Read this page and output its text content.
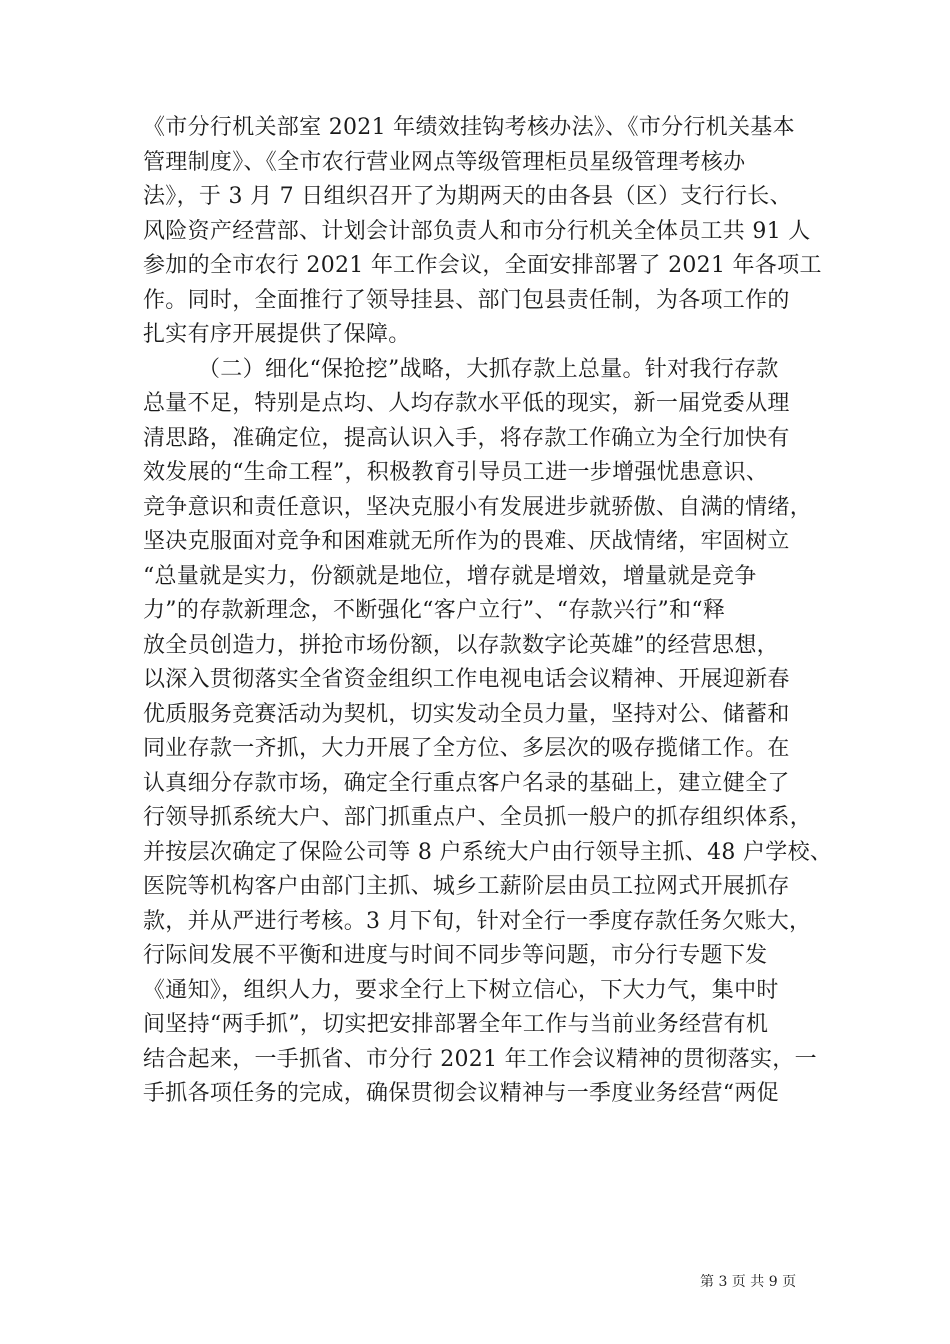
《市分行机关部室 2021 年绩效挂钩考核办法》、《市分行机关基本
管理制度》、《全市农行营业网点等级管理柜员星级管理考核办
法》，于 3 月 7 日组织召开了为期两天的由各县（区）支行行长、
风险资产经营部、计划会计部负责人和市分行机关全体员工共 91 人
参加的全市农行 2021 年工作会议，全面安排部署了 2021 年各项工
作。同时，全面推行了领导挂县、部门包县责任制，为各项工作的
扎实有序开展提供了保障。
（二）细化“保抢挖”战略，大抓存款上总量。针对我行存款
总量不足，特别是点均、人均存款水平低的现实，新一届党委从理
清思路，准确定位，提高认识入手，将存款工作确立为全行加快有
效发展的“生命工程”，积极教育引导员工进一步增强忧患意识、
竞争意识和责任意识，坚决克服小有发展进步就骄傲、自满的情绪，
坚决克服面对竞争和困难就无所作为的畏难、厌战情绪，牢固树立
“总量就是实力，份额就是地位，增存就是增效，增量就是竞争
力”的存款新理念，不断强化“客户立行”、“存款兴行”和“释
放全员创造力，拼抢市场份额，以存款数字论英雄”的经营思想，
以深入贯彻落实全省资金组织工作电视电话会议精神、开展迎新春
优质服务竞赛活动为契机，切实发动全员力量，坚持对公、储蓄和
同业存款一齐抓，大力开展了全方位、多层次的吸存揽储工作。在
认真细分存款市场，确定全行重点客户名录的基础上，建立健全了
行领导抓系统大户、部门抓重点户、全员抓一般户的抓存组织体系，
并按层次确定了保险公司等 8 户系统大户由行领导主抓、48 户学校、
医院等机构客户由部门主抓、城乡工薪阶层由员工拉网式开展抓存
款，并从严进行考核。3 月下旬，针对全行一季度存款任务欠账大，
行际间发展不平衡和进度与时间不同步等问题，市分行专题下发
《通知》，组织人力，要求全行上下树立信心，下大力气，集中时
间坚持“两手抓”，切实把安排部署全年工作与当前业务经营有机
结合起来，一手抓省、市分行 2021 年工作会议精神的贯彻落实，一
手抓各项任务的完成，确保贯彻会议精神与一季度业务经营“两促
第 3 页 共 9 页
